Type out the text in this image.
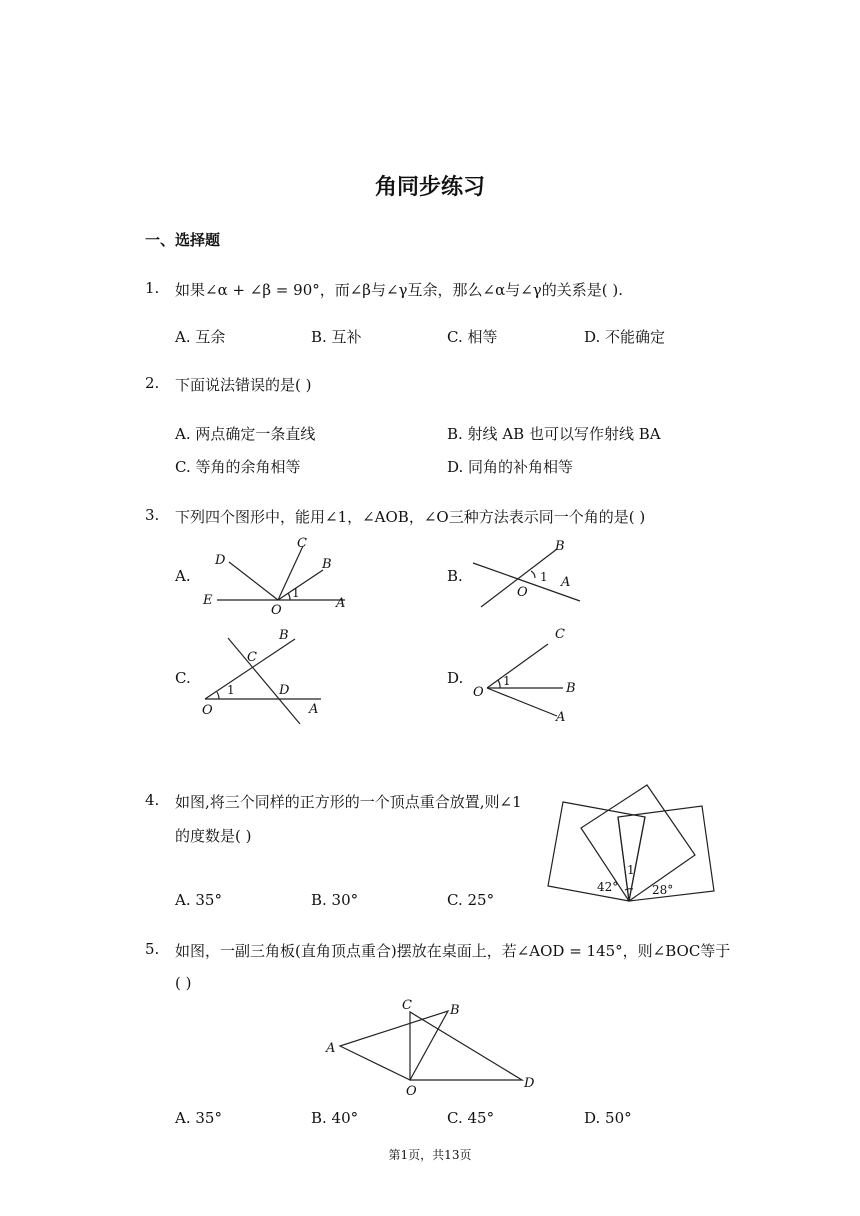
角同步练习
一、选择题
1. 如果∠α + ∠β = 90°，而∠β与∠γ互余，那么∠α与∠γ的关系是( ).
A. 互余	B. 互补	C. 相等	D. 不能确定
2. 下面说法错误的是( )
A. 两点确定一条直线	B. 射线 AB 也可以写作射线 BA
C. 等角的余角相等	D. 同角的补角相等
3. 下列四个图形中，能用∠1，∠AOB，∠O三种方法表示同一个角的是( )
A.	B.
C.	D.
D
C
B
E
O	A
1
B
1 A
O
B
C
1	D
O	A
C
O
1	B
A
4. 如图,将三个同样的正方形的一个顶点重合放置,则∠1
的度数是( )
A. 35°	B. 30°	C. 25°
42°	28°
1
5. 如图，一副三角板(直角顶点重合)摆放在桌面上，若∠AOD = 145°，则∠BOC等于
( )
A
C	B
D
O
A. 35°	B. 40°	C. 45°	D. 50°
第1页，共13页
